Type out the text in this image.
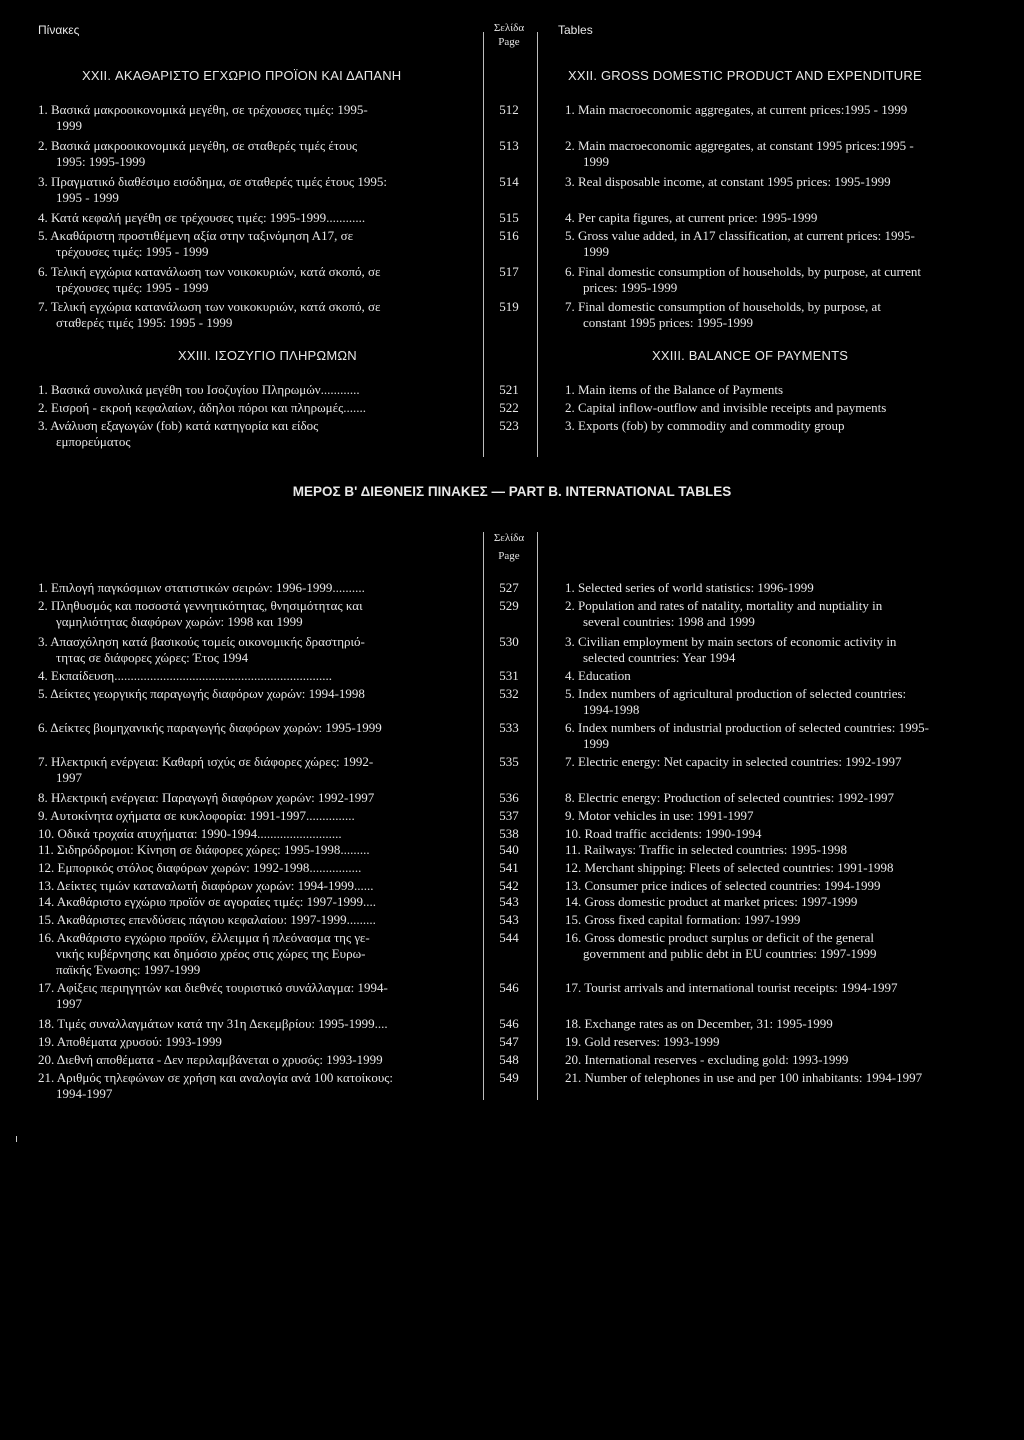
Πίνακες	Σελίδα
Page
Tables
XXII. ΑΚΑΘΑΡΙΣΤΟ ΕΓΧΩΡΙΟ ΠΡΟΪΟΝ ΚΑΙ ΔΑΠΑΝΗ	XXII. GROSS DOMESTIC PRODUCT AND EXPENDITURE
1. Βασικά μακροοικονομικά μεγέθη, σε τρέχουσες τιμές: 1995-
1999
512	1. Main macroeconomic aggregates, at current prices:1995 - 1999
2. Βασικά μακροοικονομικά μεγέθη, σε σταθερές τιμές έτους
1995: 1995-1999
513	2. Main macroeconomic aggregates, at constant 1995 prices:1995 -
1999
3. Πραγματικό διαθέσιμο εισόδημα, σε σταθερές τιμές έτους 1995:
1995 - 1999
514	3. Real disposable income, at constant 1995 prices: 1995-1999
4. Κατά κεφαλή μεγέθη σε τρέχουσες τιμές: 1995-1999............	515	4. Per capita figures, at current price: 1995-1999
5. Ακαθάριστη προστιθέμενη αξία στην ταξινόμηση Α17, σε
τρέχουσες τιμές: 1995 - 1999
516	5. Gross value added, in A17 classification, at current prices: 1995-
1999
6. Τελική εγχώρια κατανάλωση των νοικοκυριών, κατά σκοπό, σε
τρέχουσες τιμές: 1995 - 1999
517	6. Final domestic consumption of households, by purpose, at current
prices: 1995-1999
7. Τελική εγχώρια κατανάλωση των νοικοκυριών, κατά σκοπό, σε
σταθερές τιμές 1995: 1995 - 1999
519	7. Final domestic consumption of households, by purpose, at
constant 1995 prices: 1995-1999
XXIII. ΙΣΟΖΥΓΙΟ ΠΛΗΡΩΜΩΝ	XXIII. BALANCE OF PAYMENTS
1. Βασικά συνολικά μεγέθη του Ισοζυγίου Πληρωμών............	521	1. Main items of the Balance of Payments
2. Εισροή - εκροή κεφαλαίων, άδηλοι πόροι και πληρωμές.......	522	2. Capital inflow-outflow and invisible receipts and payments
3. Ανάλυση εξαγωγών (fob) κατά κατηγορία και είδος
εμπορεύματος
523	3. Exports (fob) by commodity and commodity group
ΜΕΡΟΣ Β' ΔΙΕΘΝΕΙΣ ΠΙΝΑΚΕΣ — PART B. INTERNATIONAL TABLES
Σελίδα
Page
1. Επιλογή παγκόσμιων στατιστικών σειρών: 1996-1999..........	527	1. Selected series of world statistics: 1996-1999
2. Πληθυσμός και ποσοστά γεννητικότητας, θνησιμότητας και
γαμηλιότητας διαφόρων χωρών: 1998 και 1999
529	2. Population and rates of natality, mortality and nuptiality in
several countries: 1998 and 1999
3. Απασχόληση κατά βασικούς τομείς οικονομικής δραστηριό-
τητας σε διάφορες χώρες: Έτος 1994
530	3. Civilian employment by main sectors of economic activity in
selected countries: Year 1994
4. Εκπαίδευση...................................................................	531	4. Education
5. Δείκτες γεωργικής παραγωγής διαφόρων χωρών: 1994-1998	532	5. Index numbers of agricultural production of selected countries:
1994-1998
6. Δείκτες βιομηχανικής παραγωγής διαφόρων χωρών: 1995-1999	533	6. Index numbers of industrial production of selected countries: 1995-
1999
7. Ηλεκτρική ενέργεια: Καθαρή ισχύς σε διάφορες χώρες: 1992-
1997
535	7. Electric energy: Net capacity in selected countries: 1992-1997
8. Ηλεκτρική ενέργεια: Παραγωγή διαφόρων χωρών: 1992-1997	536	8. Electric energy: Production of selected countries: 1992-1997
9. Αυτοκίνητα οχήματα σε κυκλοφορία: 1991-1997...............	537	9. Motor vehicles in use: 1991-1997
10. Οδικά τροχαία ατυχήματα: 1990-1994..........................	538	10. Road traffic accidents: 1990-1994
11. Σιδηρόδρομοι: Κίνηση σε διάφορες χώρες: 1995-1998.........	540	11. Railways: Traffic in selected countries: 1995-1998
12. Εμπορικός στόλος διαφόρων χωρών: 1992-1998................	541	12. Merchant shipping: Fleets of selected countries: 1991-1998
13. Δείκτες τιμών καταναλωτή διαφόρων χωρών: 1994-1999......	542	13. Consumer price indices of selected countries: 1994-1999
14. Ακαθάριστο εγχώριο προϊόν σε αγοραίες τιμές: 1997-1999....	543	14. Gross domestic product at market prices: 1997-1999
15. Ακαθάριστες επενδύσεις πάγιου κεφαλαίου: 1997-1999.........	543	15. Gross fixed capital formation: 1997-1999
16. Ακαθάριστο εγχώριο προϊόν, έλλειμμα ή πλεόνασμα της γε-
νικής κυβέρνησης και δημόσιο χρέος στις χώρες της Ευρω-
παϊκής Ένωσης: 1997-1999
544	16. Gross domestic product surplus or deficit of the general
government and public debt in EU countries: 1997-1999
17. Αφίξεις περιηγητών και διεθνές τουριστικό συνάλλαγμα: 1994-
1997
546	17. Tourist arrivals and international tourist receipts: 1994-1997
18. Τιμές συναλλαγμάτων κατά την 31η Δεκεμβρίου: 1995-1999....	546	18. Exchange rates as on December, 31: 1995-1999
19. Αποθέματα χρυσού: 1993-1999	547	19. Gold reserves: 1993-1999
20. Διεθνή αποθέματα - Δεν περιλαμβάνεται ο χρυσός: 1993-1999	548	20. International reserves - excluding gold: 1993-1999
21. Αριθμός τηλεφώνων σε χρήση και αναλογία ανά 100 κατοίκους:
1994-1997
549	21. Number of telephones in use and per 100 inhabitants: 1994-1997
